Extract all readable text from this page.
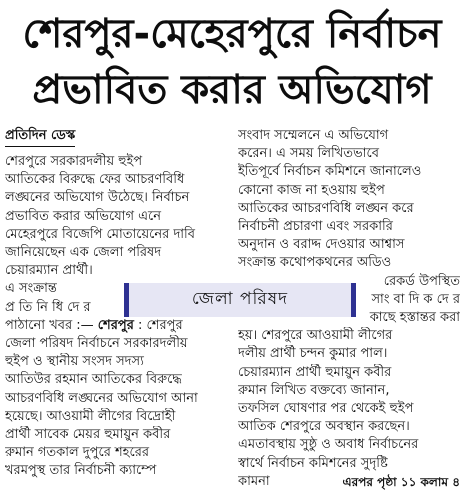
শেরপুর-মেহেরপুরে নির্বাচন
প্রভাবিত করার অভিযোগ
প্রতিদিন ডেস্ক

শেরপুরে সরকারদলীয় হুইপ

আতিকের বিরুদ্ধে ফের আচরণবিধি

লঙ্ঘনের অভিযোগ উঠেছে। নির্বাচন

প্রভাবিত করার অভিযোগ এনে

মেহেরপুরে বিজেপি মোতায়েনের দাবি

জানিয়েছেন এক জেলা পরিষদ

চেয়ারম্যান প্রার্থী।

এ সংক্রান্ত

প্র তি নি ধি দে র

পাঠানো খবর :— শেরপুর : শেরপুর

জেলা পরিষদ নির্বাচনে সরকারদলীয়

হুইপ ও স্থানীয় সংসদ সদস্য

আতিউর রহমান আতিকের বিরুদ্ধে

আচরণবিধি লঙ্ঘনের অভিযোগ আনা

হয়েছে। আওয়ামী লীগের বিদ্রোহী

প্রার্থী সাবেক মেয়র হুমায়ুন কবীর

রুমান গতকাল দুপুরে শহরের

খরমপুস্থ তার নির্বাচনী ক্যাম্পে

সংবাদ সম্মেলনে এ অভিযোগ

করেন। এ সময় লিখিতভাবে

ইতিপূর্বে নির্বাচন কমিশনে জানালেও

কোনো কাজ না হওয়ায় হুইপ

আতিকের আচরণবিধি লঙ্ঘন করে

নির্বাচনী প্রচারণা এবং সরকারি

অনুদান ও বরাদ্দ দেওয়ার আশ্বাস

সংক্রান্ত কথোপকথনের অডিও

রেকর্ড উপস্থিত

সাং বা দি ক দে র

কাছে হস্তান্তর করা

হয়। শেরপুরে আওয়ামী লীগের

দলীয় প্রার্থী চন্দন কুমার পাল।

চেয়ারম্যান প্রার্থী হুমায়ুন কবীর

রুমান লিখিত বক্তব্যে জানান,

তফসিল ঘোষণার পর থেকেই হুইপ

আতিক শেরপুরে অবস্থান করছেন।

এমতাবস্থায় সুষ্ঠু ও অবাধ নির্বাচনের

স্বার্থে নির্বাচন কমিশনের সুদৃষ্টি

কামনা	এরপর পৃষ্ঠা ১১ কলাম ৪

জেলা পরিষদ
